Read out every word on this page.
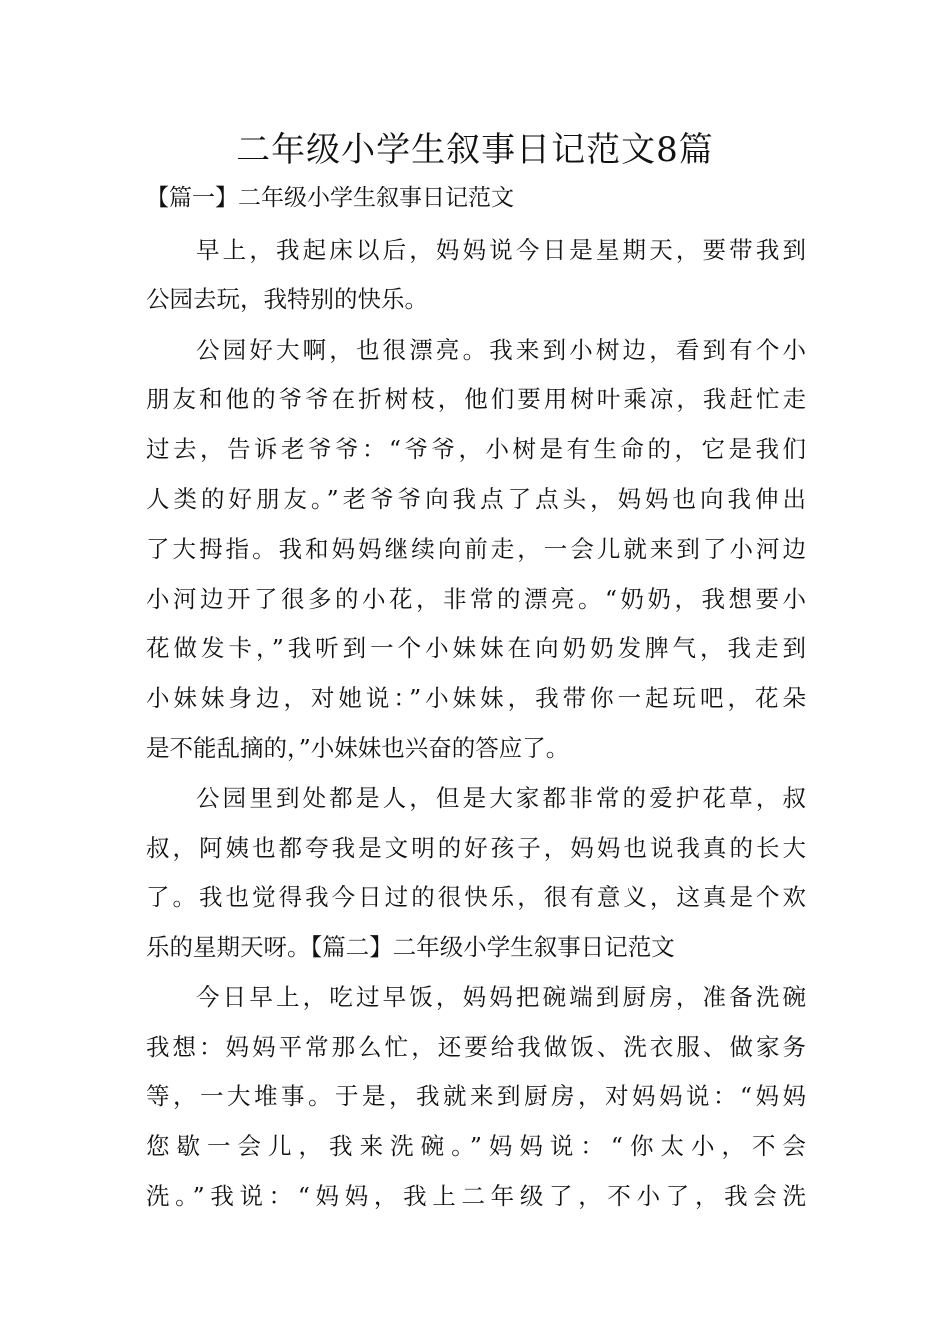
二年级小学生叙事日记范文8篇
【篇一】二年级小学生叙事日记范文
早上，我起床以后，妈妈说今日是星期天，要带我到
公园去玩，我特别的快乐。
公园好大啊，也很漂亮。我来到小树边，看到有个小
朋友和他的爷爷在折树枝，他们要用树叶乘凉，我赶忙走
过去，告诉老爷爷：“爷爷，小树是有生命的，它是我们
人类的好朋友。”老爷爷向我点了点头，妈妈也向我伸出
了大拇指。我和妈妈继续向前走，一会儿就来到了小河边
小河边开了很多的小花，非常的漂亮。“奶奶，我想要小
花做发卡，”我听到一个小妹妹在向奶奶发脾气，我走到
小妹妹身边，对她说：”小妹妹，我带你一起玩吧，花朵
是不能乱摘的，”小妹妹也兴奋的答应了。
公园里到处都是人，但是大家都非常的爱护花草，叔
叔，阿姨也都夸我是文明的好孩子，妈妈也说我真的长大
了。我也觉得我今日过的很快乐，很有意义，这真是个欢
乐的星期天呀。【篇二】二年级小学生叙事日记范文
今日早上，吃过早饭，妈妈把碗端到厨房，准备洗碗
我想：妈妈平常那么忙，还要给我做饭、洗衣服、做家务
等，一大堆事。于是，我就来到厨房，对妈妈说：“妈妈
您歇一会儿，我来洗碗。”妈妈说：“你太小，不会
洗。”我说：“妈妈，我上二年级了，不小了，我会洗
